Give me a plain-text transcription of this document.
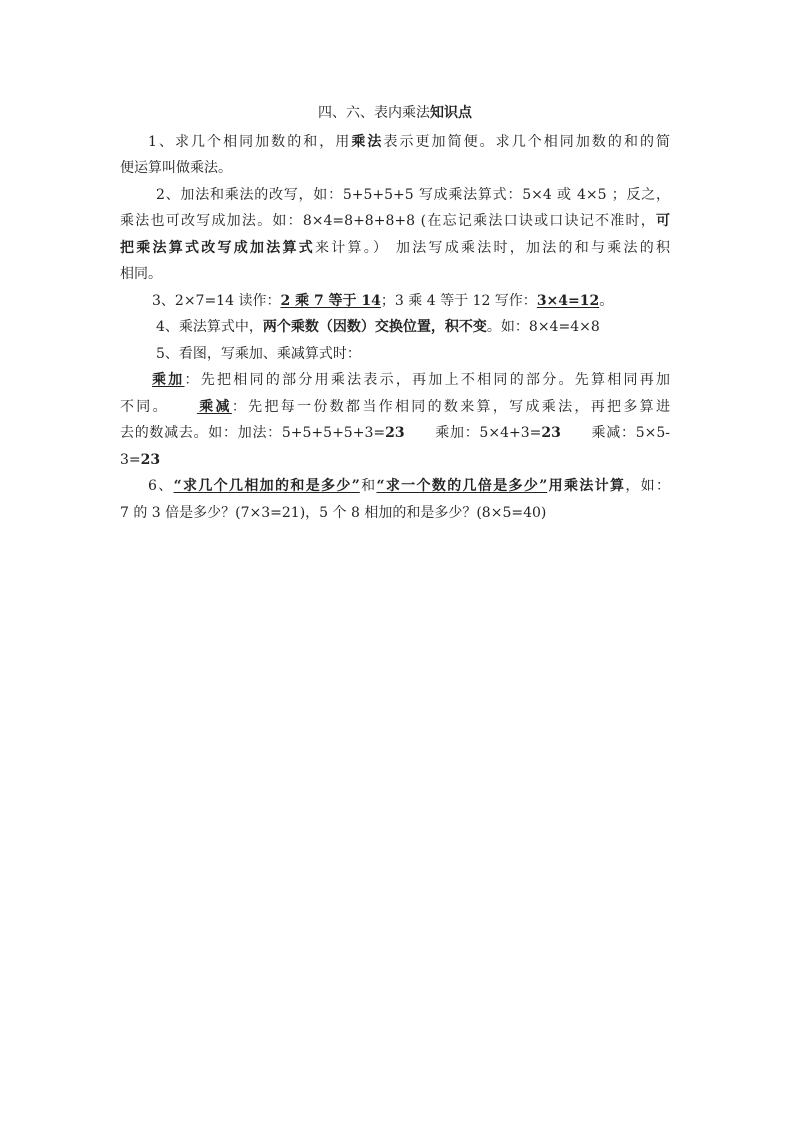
四、六、表内乘法知识点

1、求几个相同加数的和，用乘法表示更加简便。求几个相同加数的和的简

便运算叫做乘法。

2、加法和乘法的改写，如：5+5+5+5 写成乘法算式：5×4 或 4×5 ；反之，

乘法也可改写成加法。如：8×4=8+8+8+8 (在忘记乘法口诀或口诀记不准时，可

把乘法算式改写成加法算式来计算。） 加法写成乘法时，加法的和与乘法的积

相同。

3、2×7=14 读作：2 乘 7 等于 14；3 乘 4 等于 12 写作：3×4=12。

4、乘法算式中，两个乘数（因数）交换位置，积不变。如：8×4=4×8

5、看图，写乘加、乘减算式时：

乘加：先把相同的部分用乘法表示，再加上不相同的部分。先算相同再加

不同。 乘减：先把每一份数都当作相同的数来算，写成乘法，再把多算进

去的数减去。如：加法：5+5+5+5+3=23 乘加：5×4+3=23 乘减：5×5-3=23

6、“求几个几相加的和是多少”和“求一个数的几倍是多少”用乘法计算，如：

7 的 3 倍是多少？(7×3=21)，5 个 8 相加的和是多少？(8×5=40)
